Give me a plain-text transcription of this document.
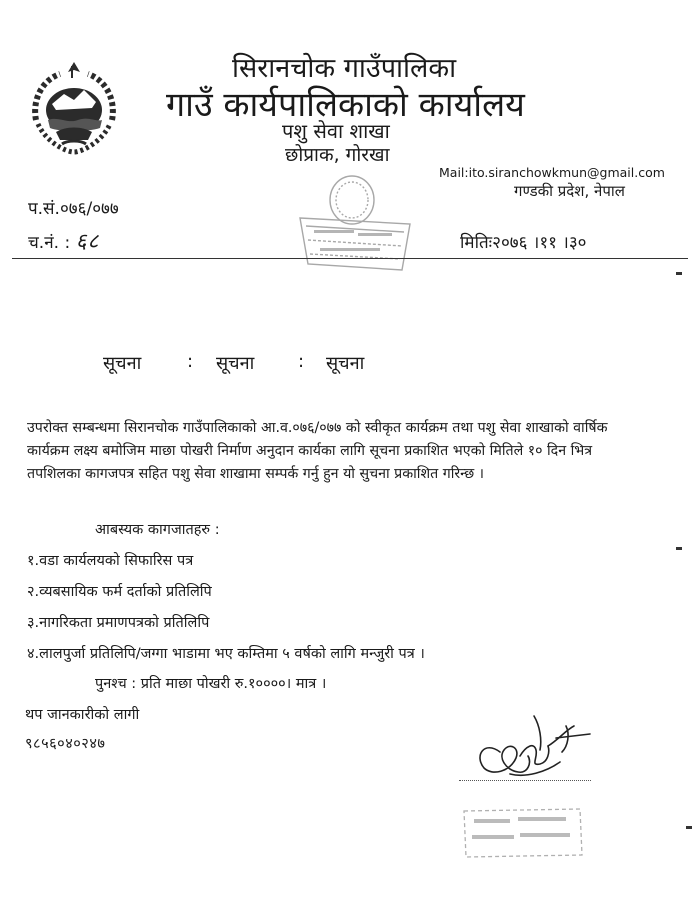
सिरानचोक गाउँपालिका
गाउँ कार्यपालिकाको कार्यालय
पशु सेवा शाखा
छोप्राक, गोरखा
Mail:ito.siranchowkmun@gmail.com
गण्डकी प्रदेश, नेपाल
प.सं.०७६/०७७
च.नं. : ६८	मितिः२०७६ ।११ ।३०
सूचना	: सूचना : सूचना
उपरोक्त सम्बन्धमा सिरानचोक गाउँपालिकाको आ.व.०७६/०७७ को स्वीकृत कार्यक्रम तथा पशु सेवा शाखाको वार्षिक
कार्यक्रम लक्ष्य बमोजिम माछा पोखरी निर्माण अनुदान कार्यका लागि सूचना प्रकाशित भएको मितिले १० दिन भित्र
तपशिलका कागजपत्र सहित पशु सेवा शाखामा सम्पर्क गर्नु हुन यो सुचना प्रकाशित गरिन्छ ।
आबस्यक कागजातहरु :
१.वडा कार्यलयको सिफारिस पत्र
२.व्यबसायिक फर्म दर्ताको प्रतिलिपि
३.नागरिकता प्रमाणपत्रको प्रतिलिपि
४.लालपुर्जा प्रतिलिपि/जग्गा भाडामा भए कम्तिमा ५ वर्षको लागि मन्जुरी पत्र ।
पुनश्च : प्रति माछा पोखरी रु.१००००। मात्र ।
थप जानकारीको लागी
९८५६०४०२४७
